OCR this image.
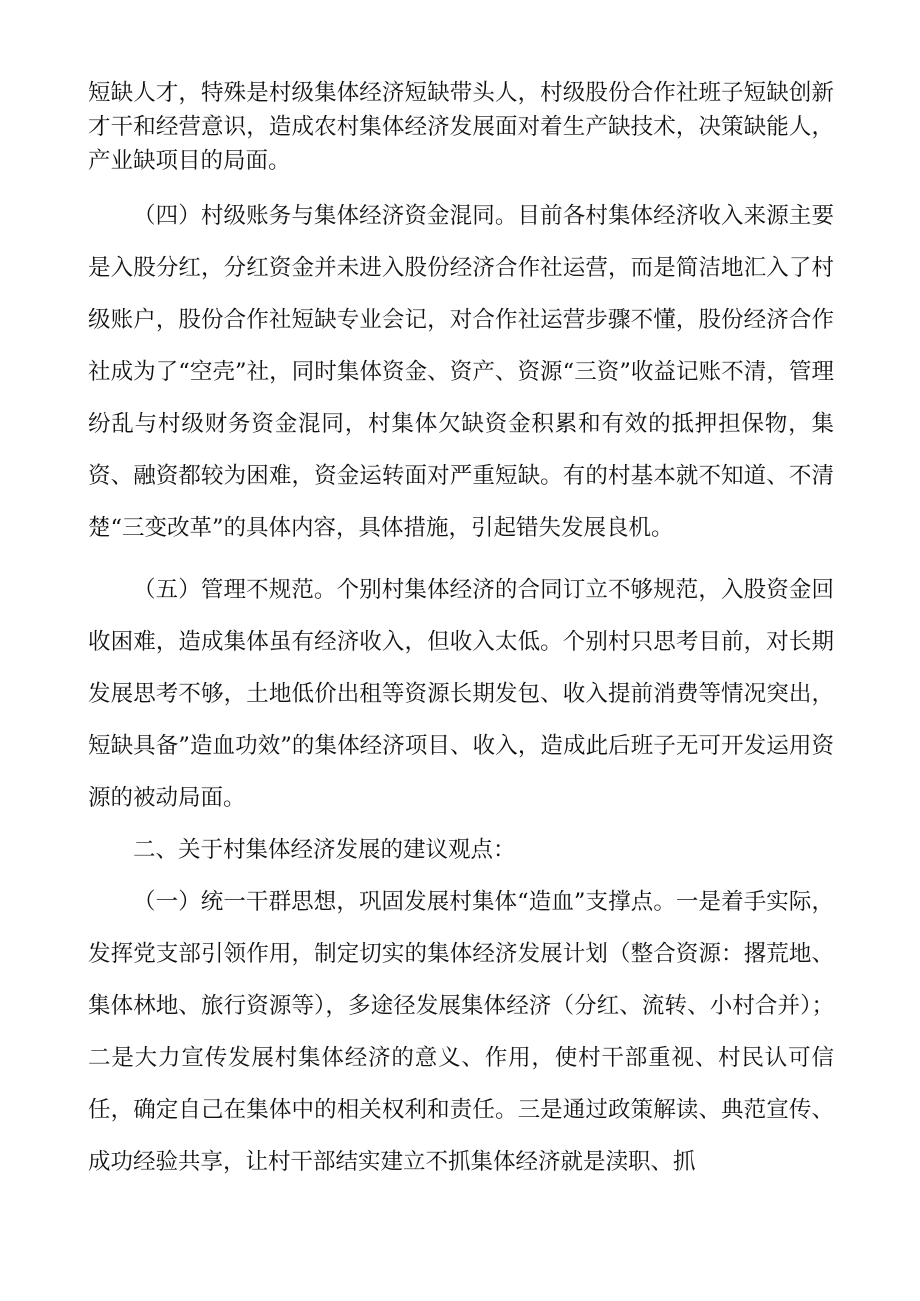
短缺人才，特殊是村级集体经济短缺带头人，村级股份合作社班子短缺创新才干和经营意识，造成农村集体经济发展面对着生产缺技术，决策缺能人，产业缺项目的局面。

（四）村级账务与集体经济资金混同。目前各村集体经济收入来源主要是入股分红，分红资金并未进入股份经济合作社运营，而是简洁地汇入了村级账户，股份合作社短缺专业会记，对合作社运营步骤不懂，股份经济合作社成为了“空壳”社，同时集体资金、资产、资源“三资”收益记账不清，管理纷乱与村级财务资金混同，村集体欠缺资金积累和有效的抵押担保物，集资、融资都较为困难，资金运转面对严重短缺。有的村基本就不知道、不清楚“三变改革”的具体内容，具体措施，引起错失发展良机。

（五）管理不规范。个别村集体经济的合同订立不够规范，入股资金回收困难，造成集体虽有经济收入，但收入太低。个别村只思考目前，对长期发展思考不够，土地低价出租等资源长期发包、收入提前消费等情况突出，短缺具备”造血功效”的集体经济项目、收入，造成此后班子无可开发运用资源的被动局面。

二、关于村集体经济发展的建议观点：

（一）统一干群思想，巩固发展村集体“造血”支撑点。一是着手实际，发挥党支部引领作用，制定切实的集体经济发展计划（整合资源：撂荒地、集体林地、旅行资源等），多途径发展集体经济（分红、流转、小村合并）；二是大力宣传发展村集体经济的意义、作用，使村干部重视、村民认可信任，确定自己在集体中的相关权利和责任。三是通过政策解读、典范宣传、成功经验共享，让村干部结实建立不抓集体经济就是渎职、抓
